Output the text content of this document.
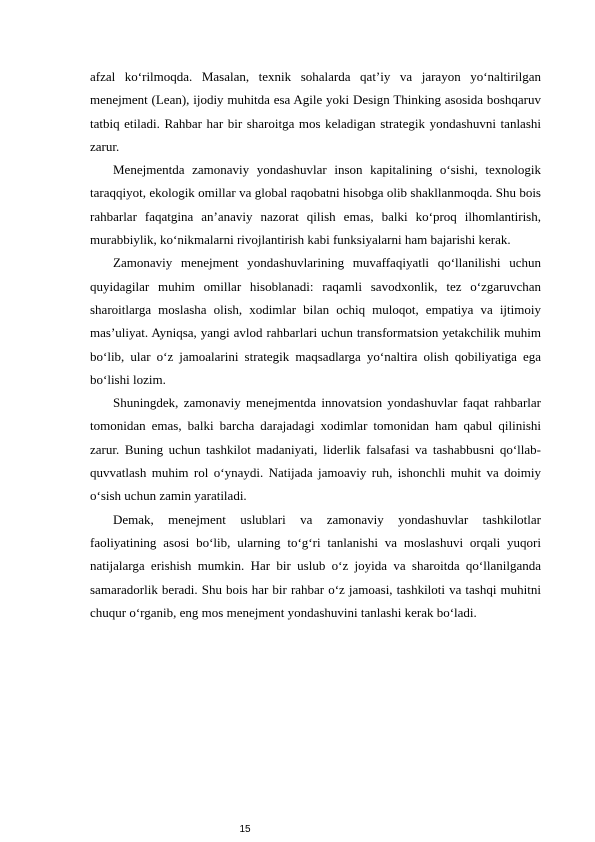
afzal ko‘rilmoqda. Masalan, texnik sohalarda qat’iy va jarayon yo‘naltirilgan menejment (Lean), ijodiy muhitda esa Agile yoki Design Thinking asosida boshqaruv tatbiq etiladi. Rahbar har bir sharoitga mos keladigan strategik yondashuvni tanlashi zarur.

Menejmentda zamonaviy yondashuvlar inson kapitalining o‘sishi, texnologik taraqqiyot, ekologik omillar va global raqobatni hisobga olib shakllanmoqda. Shu bois rahbarlar faqatgina an’anaviy nazorat qilish emas, balki ko‘proq ilhomlantirish, murabbiylik, ko‘nikmalarni rivojlantirish kabi funksiyalarni ham bajarishi kerak.

Zamonaviy menejment yondashuvlarining muvaffaqiyatli qo‘llanilishi uchun quyidagilar muhim omillar hisoblanadi: raqamli savodxonlik, tez o‘zgaruvchan sharoitlarga moslasha olish, xodimlar bilan ochiq muloqot, empatiya va ijtimoiy mas’uliyat. Ayniqsa, yangi avlod rahbarlari uchun transformatsion yetakchilik muhim bo‘lib, ular o‘z jamoalarini strategik maqsadlarga yo‘naltira olish qobiliyatiga ega bo‘lishi lozim.

Shuningdek, zamonaviy menejmentda innovatsion yondashuvlar faqat rahbarlar tomonidan emas, balki barcha darajadagi xodimlar tomonidan ham qabul qilinishi zarur. Buning uchun tashkilot madaniyati, liderlik falsafasi va tashabbusni qo‘llab-quvvatlash muhim rol o‘ynaydi. Natijada jamoaviy ruh, ishonchli muhit va doimiy o‘sish uchun zamin yaratiladi.

Demak, menejment uslublari va zamonaviy yondashuvlar tashkilotlar faoliyatining asosi bo‘lib, ularning to‘g‘ri tanlanishi va moslashuvi orqali yuqori natijalarga erishish mumkin. Har bir uslub o‘z joyida va sharoitda qo‘llanilganda samaradorlik beradi. Shu bois har bir rahbar o‘z jamoasi, tashkiloti va tashqi muhitni chuqur o‘rganib, eng mos menejment yondashuvini tanlashi kerak bo‘ladi.

15
